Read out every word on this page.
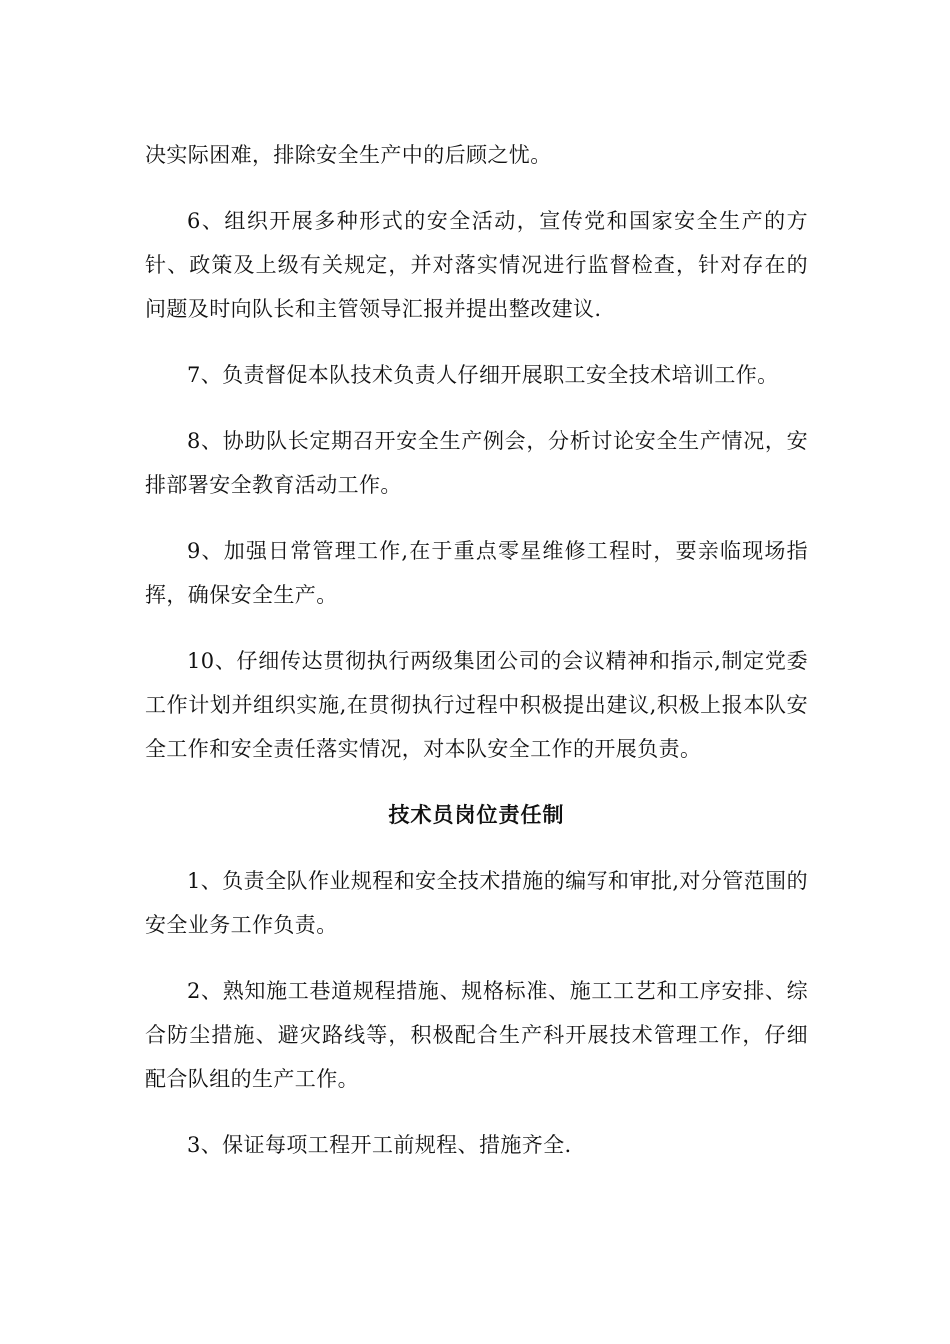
决实际困难，排除安全生产中的后顾之忧。

6、组织开展多种形式的安全活动，宣传党和国家安全生产的方针、政策及上级有关规定，并对落实情况进行监督检查，针对存在的问题及时向队长和主管领导汇报并提出整改建议.

7、负责督促本队技术负责人仔细开展职工安全技术培训工作。

8、协助队长定期召开安全生产例会，分析讨论安全生产情况，安排部署安全教育活动工作。

9、加强日常管理工作,在于重点零星维修工程时，要亲临现场指挥，确保安全生产。

10、仔细传达贯彻执行两级集团公司的会议精神和指示,制定党委工作计划并组织实施,在贯彻执行过程中积极提出建议,积极上报本队安全工作和安全责任落实情况，对本队安全工作的开展负责。

技术员岗位责任制

1、负责全队作业规程和安全技术措施的编写和审批,对分管范围的安全业务工作负责。

2、熟知施工巷道规程措施、规格标准、施工工艺和工序安排、综合防尘措施、避灾路线等，积极配合生产科开展技术管理工作，仔细配合队组的生产工作。

3、保证每项工程开工前规程、措施齐全.
